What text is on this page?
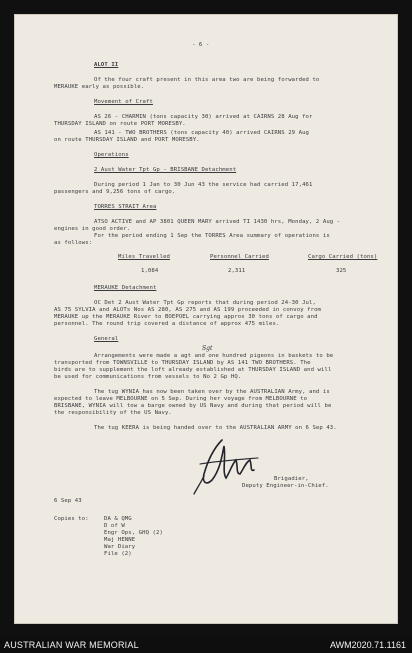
- 6 -
ALOT II
Of the four craft present in this area two are being forwarded to
MERAUKE early as possible.
Movement of Craft
AS 26 - CHARMIN (tons capacity 30) arrived at CAIRNS 28 Aug for
THURSDAY ISLAND on route PORT MORESBY.
AS 141 - TWO BROTHERS (tons capacity 40) arrived CAIRNS 29 Aug
on route THURSDAY ISLAND and PORT MORESBY.
Operations
2 Aust Water Tpt Gp - BRISBANE Detachment
During period 1 Jan to 30 Jun 43 the service had carried 17,461
passengers and 9,256 tons of cargo.
TORRES STRAIT Area
ATSO ACTIVE and AP 3801 QUEEN MARY arrived TI 1430 hrs, Monday, 2 Aug -
engines in good order.
For the period ending 1 Sep the TORRES Area summary of operations is
as follows:
Miles Travelled	Personnel Carried	Cargo Carried (tons)
1,084	2,311	325
MERAUKE Detachment
OC Det 2 Aust Water Tpt Gp reports that during period 24-30 Jul,
AS 75 SYLVIA and ALOTs Nos AS 280, AS 275 and AS 199 proceeded in convoy from
MERAUKE up the MERAUKE River to BOEPOEL carrying approx 30 tons of cargo and
personnel. The round trip covered a distance of approx 475 miles.
General
Sgt
Arrangements were made a agt and one hundred pigeons in baskets to be
transported from TOWNSVILLE to THURSDAY ISLAND by AS 141 TWO BROTHERS. The
birds are to supplement the loft already established at THURSDAY ISLAND and will
be used for communications from vessels to No 2 Gp HQ.
The tug WYNIA has now been taken over by the AUSTRALIAN Army, and is
expected to leave MELBOURNE on 5 Sep. During her voyage from MELBOURNE to
BRISBANE, WYNIA will tow a barge owned by US Navy and during that period will be
the responsibility of the US Navy.
The tug KEERA is being handed over to the AUSTRALIAN ARMY on 6 Sep 43.
Brigadier,
Deputy Engineer-in-Chief.
6 Sep 43
Copies to:	DA & QMG
D of W
Engr Ops, GHQ (2)
Maj HENNE
War Diary
File (2)
AUSTRALIAN WAR MEMORIAL	AWM2020.71.1161
